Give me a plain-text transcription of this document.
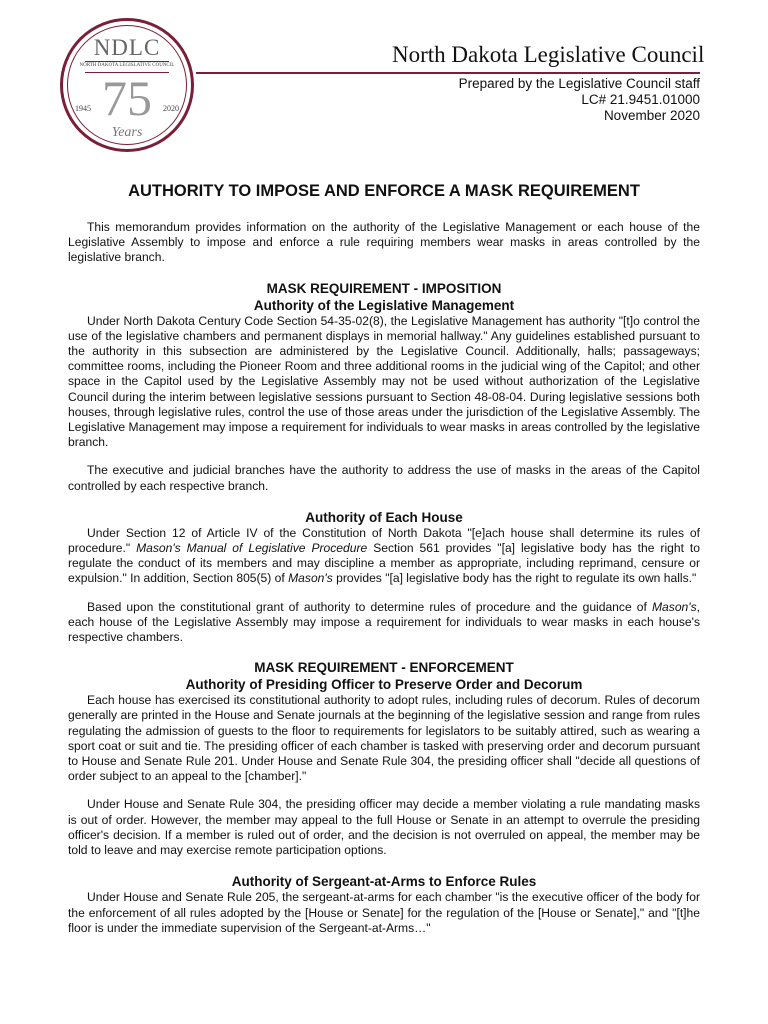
NDLC
NORTH DAKOTA LEGISLATIVE COUNCIL
75
1945	2020
Years
North Dakota Legislative Council
Prepared by the Legislative Council staff
LC# 21.9451.01000
November 2020
AUTHORITY TO IMPOSE AND ENFORCE A MASK REQUIREMENT

This memorandum provides information on the authority of the Legislative Management or each house of the Legislative Assembly to impose and enforce a rule requiring members wear masks in areas controlled by the legislative branch.

MASK REQUIREMENT - IMPOSITION
Authority of the Legislative Management

Under North Dakota Century Code Section 54-35-02(8), the Legislative Management has authority "[t]o control the use of the legislative chambers and permanent displays in memorial hallway." Any guidelines established pursuant to the authority in this subsection are administered by the Legislative Council. Additionally, halls; passageways; committee rooms, including the Pioneer Room and three additional rooms in the judicial wing of the Capitol; and other space in the Capitol used by the Legislative Assembly may not be used without authorization of the Legislative Council during the interim between legislative sessions pursuant to Section 48-08-04. During legislative sessions both houses, through legislative rules, control the use of those areas under the jurisdiction of the Legislative Assembly. The Legislative Management may impose a requirement for individuals to wear masks in areas controlled by the legislative branch.

The executive and judicial branches have the authority to address the use of masks in the areas of the Capitol controlled by each respective branch.

Authority of Each House

Under Section 12 of Article IV of the Constitution of North Dakota "[e]ach house shall determine its rules of procedure." Mason's Manual of Legislative Procedure Section 561 provides "[a] legislative body has the right to regulate the conduct of its members and may discipline a member as appropriate, including reprimand, censure or expulsion." In addition, Section 805(5) of Mason's provides "[a] legislative body has the right to regulate its own halls."

Based upon the constitutional grant of authority to determine rules of procedure and the guidance of Mason's, each house of the Legislative Assembly may impose a requirement for individuals to wear masks in each house's respective chambers.

MASK REQUIREMENT - ENFORCEMENT
Authority of Presiding Officer to Preserve Order and Decorum

Each house has exercised its constitutional authority to adopt rules, including rules of decorum. Rules of decorum generally are printed in the House and Senate journals at the beginning of the legislative session and range from rules regulating the admission of guests to the floor to requirements for legislators to be suitably attired, such as wearing a sport coat or suit and tie. The presiding officer of each chamber is tasked with preserving order and decorum pursuant to House and Senate Rule 201. Under House and Senate Rule 304, the presiding officer shall "decide all questions of order subject to an appeal to the [chamber]."

Under House and Senate Rule 304, the presiding officer may decide a member violating a rule mandating masks is out of order. However, the member may appeal to the full House or Senate in an attempt to overrule the presiding officer's decision. If a member is ruled out of order, and the decision is not overruled on appeal, the member may be told to leave and may exercise remote participation options.

Authority of Sergeant-at-Arms to Enforce Rules

Under House and Senate Rule 205, the sergeant-at-arms for each chamber "is the executive officer of the body for the enforcement of all rules adopted by the [House or Senate] for the regulation of the [House or Senate]," and "[t]he floor is under the immediate supervision of the Sergeant-at-Arms…"
